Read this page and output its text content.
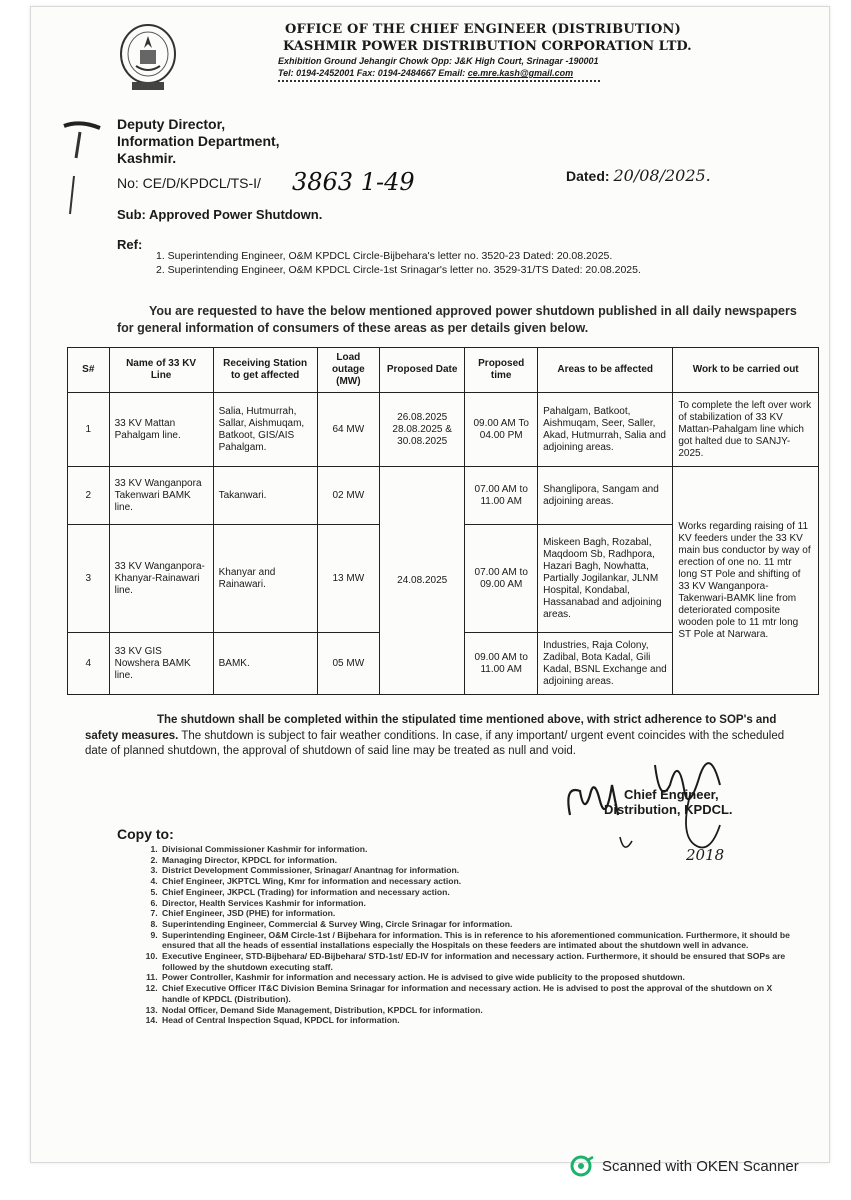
OFFICE OF THE CHIEF ENGINEER (DISTRIBUTION)
KASHMIR POWER DISTRIBUTION CORPORATION LTD.
Exhibition Ground Jehangir Chowk Opp: J&K High Court, Srinagar -190001
Tel: 0194-2452001 Fax: 0194-2484667 Email: ce.mre.kash@gmail.com
Deputy Director,
Information Department,
Kashmir.
No: CE/D/KPDCL/TS-I/ 3863 1-49	Dated: 20/08/2025.
Sub: Approved Power Shutdown.
Ref:
1. Superintending Engineer, O&M KPDCL Circle-Bijbehara's letter no. 3520-23 Dated: 20.08.2025.
2. Superintending Engineer, O&M KPDCL Circle-1st Srinagar's letter no. 3529-31/TS Dated: 20.08.2025.
You are requested to have the below mentioned approved power shutdown published in all daily newspapers for general information of consumers of these areas as per details given below.
S#	Name of 33 KV Line	Receiving Station to get affected	Load outage (MW)	Proposed Date	Proposed time	Areas to be affected	Work to be carried out
1	33 KV Mattan Pahalgam line.	Salia, Hutmurrah, Sallar, Aishmuqam, Batkoot, GIS/AIS Pahalgam.	64 MW	26.08.2025 28.08.2025 & 30.08.2025	09.00 AM To 04.00 PM	Pahalgam, Batkoot, Aishmuqam, Seer, Saller, Akad, Hutmurrah, Salia and adjoining areas.	To complete the left over work of stabilization of 33 KV Mattan-Pahalgam line which got halted due to SANJY-2025.
2	33 KV Wanganpora Takenwari BAMK line.	Takanwari.	02 MW	24.08.2025	07.00 AM to 11.00 AM	Shanglipora, Sangam and adjoining areas.	Works regarding raising of 11 KV feeders under the 33 KV main bus conductor by way of erection of one no. 11 mtr long ST Pole and shifting of 33 KV Wanganpora-Takenwari-BAMK line from deteriorated composite wooden pole to 11 mtr long ST Pole at Narwara.
3	33 KV Wanganpora-Khanyar-Rainawari line.	Khanyar and Rainawari.	13 MW		07.00 AM to 09.00 AM	Miskeen Bagh, Rozabal, Maqdoom Sb, Radhpora, Hazari Bagh, Nowhatta, Partially Jogilankar, JLNM Hospital, Kondabal, Hassanabad and adjoining areas.	
4	33 KV GIS Nowshera BAMK line.	BAMK.	05 MW		09.00 AM to 11.00 AM	Industries, Raja Colony, Zadibal, Bota Kadal, Gili Kadal, BSNL Exchange and adjoining areas.	
The shutdown shall be completed within the stipulated time mentioned above, with strict adherence to SOP's and safety measures. The shutdown is subject to fair weather conditions. In case, if any important/ urgent event coincides with the scheduled date of planned shutdown, the approval of shutdown of said line may be treated as null and void.
2018
Chief Engineer,
Distribution, KPDCL.
Copy to:
1. Divisional Commissioner Kashmir for information.
2. Managing Director, KPDCL for information.
3. District Development Commissioner, Srinagar/ Anantnag for information.
4. Chief Engineer, JKPTCL Wing, Kmr for information and necessary action.
5. Chief Engineer, JKPCL (Trading) for information and necessary action.
6. Director, Health Services Kashmir for information.
7. Chief Engineer, JSD (PHE) for information.
8. Superintending Engineer, Commercial & Survey Wing, Circle Srinagar for information.
9. Superintending Engineer, O&M Circle-1st / Bijbehara for information. This is in reference to his aforementioned communication. Furthermore, it should be ensured that all the heads of essential installations especially the Hospitals on these feeders are intimated about the shutdown well in advance.
10. Executive Engineer, STD-Bijbehara/ ED-Bijbehara/ STD-1st/ ED-IV for information and necessary action. Furthermore, it should be ensured that SOPs are followed by the shutdown executing staff.
11. Power Controller, Kashmir for information and necessary action. He is advised to give wide publicity to the proposed shutdown.
12. Chief Executive Officer IT&C Division Bemina Srinagar for information and necessary action. He is advised to post the approval of the shutdown on X handle of KPDCL (Distribution).
13. Nodal Officer, Demand Side Management, Distribution, KPDCL for information.
14. Head of Central Inspection Squad, KPDCL for information.
Scanned with OKEN Scanner
